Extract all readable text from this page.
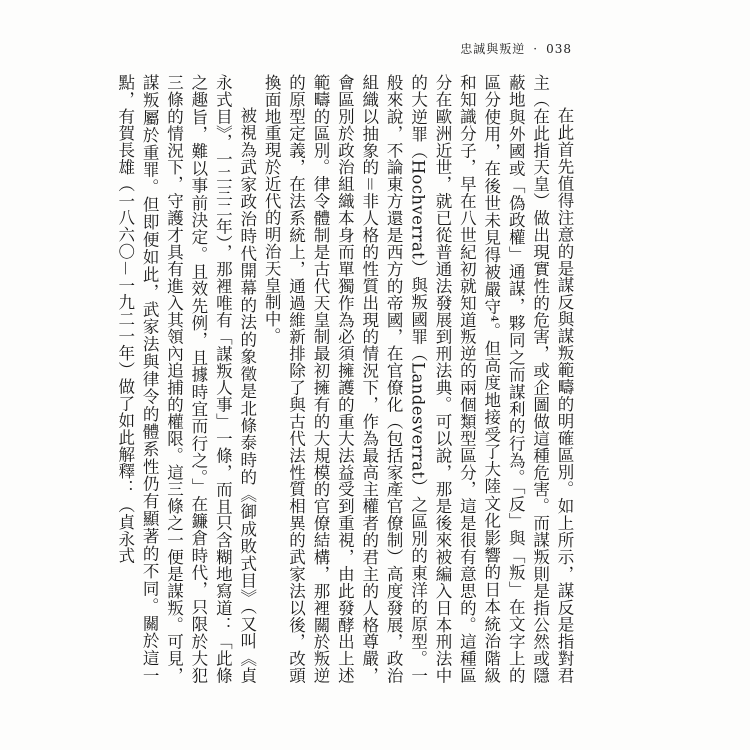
忠誠與叛逆 · 038

在此首先值得注意的是謀反與謀叛範疇的明確區別。如上所示，謀反是指對君主（在此指天皇）做出現實性的危害，或企圖做這種危害。而謀叛則是指公然或隱蔽地與外國或「偽政權」通謀，夥同之而謀利的行為。「反」與「叛」在文字上的區分使用，在後世未見得被嚴守⁴。但高度地接受了大陸文化影響的日本統治階級和知識分子，早在八世紀初就知道叛逆的兩個類型區分，這是很有意思的。這種區分在歐洲近世，就已從普通法發展到刑法典。可以說，那是後來被編入日本刑法中的大逆罪（Hochverrat）與叛國罪（Landesverrat）之區別的東洋的原型。一般來說，不論東方還是西方的帝國，在官僚化（包括家產官僚制）高度發展，政治組織以抽象的＝非人格的性質出現的情況下，作為最高主權者的君主的人格尊嚴，會區別於政治組織本身而單獨作為必須擁護的重大法益受到重視，由此發酵出上述範疇的區別。律令體制是古代天皇制最初擁有的大規模的官僚結構，那裡關於叛逆的原型定義，在法系統上，通過維新排除了與古代法性質相異的武家法以後，改頭換面地重現於近代的明治天皇制中。

被視為武家政治時代開幕的法的象徵是北條泰時的《御成敗式目》（又叫《貞永式目》，一二三二年），那裡唯有「謀叛人事」一條，而且只含糊地寫道：「此條之趣旨，難以事前決定。且效先例，且據時宜而行之。」在鐮倉時代，只限於大犯三條的情況下，守護才具有進入其領內追捕的權限。這三條之一便是謀叛。可見，謀叛屬於重罪。但即便如此，武家法與律令的體系性仍有顯著的不同。關於這一點，有賀長雄（一八六〇－一九二一年）做了如此解釋：（貞永式
